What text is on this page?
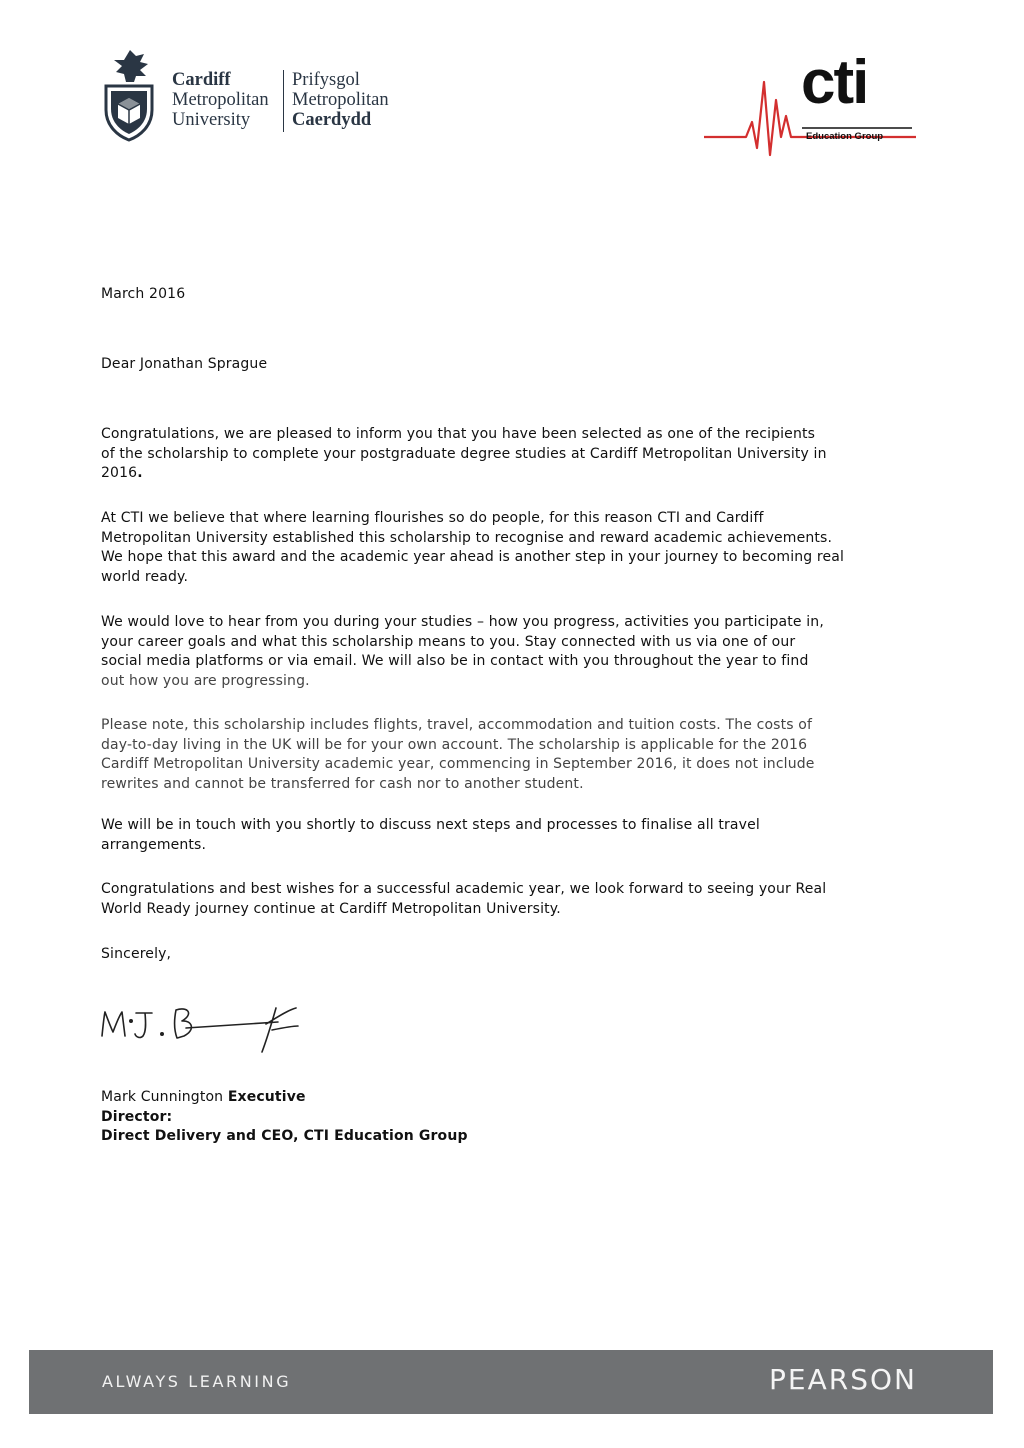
Cardiff
Metropolitan
University
Prifysgol
Metropolitan
Caerdydd
cti
Education Group
March 2016
Dear Jonathan Sprague
Congratulations, we are pleased to inform you that you have been selected as one of the recipients
of the scholarship to complete your postgraduate degree studies at Cardiff Metropolitan University in
2016.
At CTI we believe that where learning flourishes so do people, for this reason CTI and Cardiff
Metropolitan University established this scholarship to recognise and reward academic achievements.
We hope that this award and the academic year ahead is another step in your journey to becoming real
world ready.
We would love to hear from you during your studies – how you progress, activities you participate in,
your career goals and what this scholarship means to you. Stay connected with us via one of our
social media platforms or via email. We will also be in contact with you throughout the year to find
out how you are progressing.
Please note, this scholarship includes flights, travel, accommodation and tuition costs. The costs of
day-to-day living in the UK will be for your own account. The scholarship is applicable for the 2016
Cardiff Metropolitan University academic year, commencing in September 2016, it does not include
rewrites and cannot be transferred for cash nor to another student.
We will be in touch with you shortly to discuss next steps and processes to finalise all travel
arrangements.
Congratulations and best wishes for a successful academic year, we look forward to seeing your Real
World Ready journey continue at Cardiff Metropolitan University.
Sincerely,
Mark Cunnington Executive
Director:
Direct Delivery and CEO, CTI Education Group
ALWAYS LEARNING	PEARSON
